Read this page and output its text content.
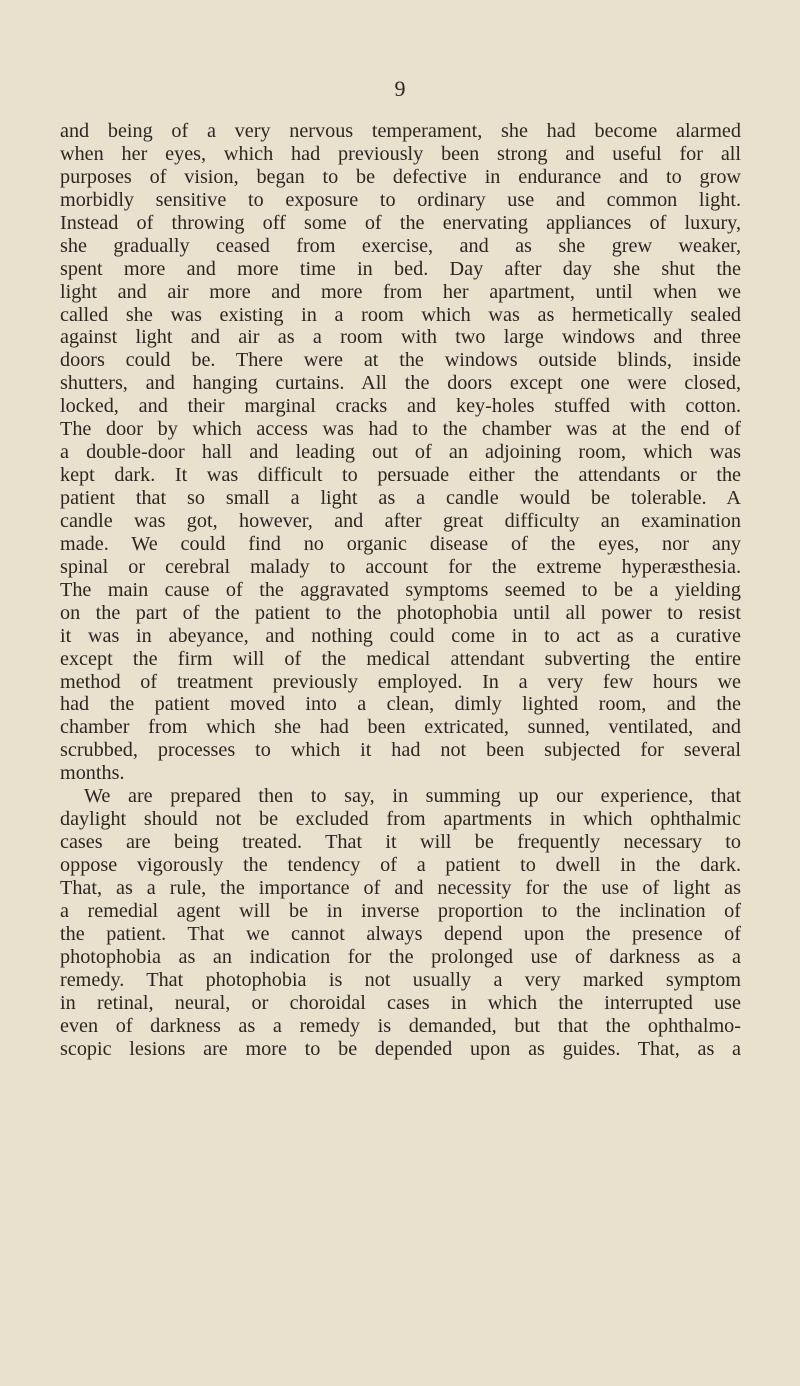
9
and being of a very nervous temperament, she had become alarmed
when her eyes, which had previously been strong and useful for all
purposes of vision, began to be defective in endurance and to grow
morbidly sensitive to exposure to ordinary use and common light.
Instead of throwing off some of the enervating appliances of luxury,
she gradually ceased from exercise, and as she grew weaker,
spent more and more time in bed. Day after day she shut the
light and air more and more from her apartment, until when we
called she was existing in a room which was as hermetically sealed
against light and air as a room with two large windows and three
doors could be. There were at the windows outside blinds, inside
shutters, and hanging curtains. All the doors except one were closed,
locked, and their marginal cracks and key-holes stuffed with cotton.
The door by which access was had to the chamber was at the end of
a double-door hall and leading out of an adjoining room, which was
kept dark. It was difficult to persuade either the attendants or the
patient that so small a light as a candle would be tolerable. A
candle was got, however, and after great difficulty an examination
made. We could find no organic disease of the eyes, nor any
spinal or cerebral malady to account for the extreme hyperæsthesia.
The main cause of the aggravated symptoms seemed to be a yielding
on the part of the patient to the photophobia until all power to resist
it was in abeyance, and nothing could come in to act as a curative
except the firm will of the medical attendant subverting the entire
method of treatment previously employed. In a very few hours we
had the patient moved into a clean, dimly lighted room, and the
chamber from which she had been extricated, sunned, ventilated, and
scrubbed, processes to which it had not been subjected for several
months.
We are prepared then to say, in summing up our experience, that
daylight should not be excluded from apartments in which ophthalmic
cases are being treated. That it will be frequently necessary to
oppose vigorously the tendency of a patient to dwell in the dark.
That, as a rule, the importance of and necessity for the use of light as
a remedial agent will be in inverse proportion to the inclination of
the patient. That we cannot always depend upon the presence of
photophobia as an indication for the prolonged use of darkness as a
remedy. That photophobia is not usually a very marked symptom
in retinal, neural, or choroidal cases in which the interrupted use
even of darkness as a remedy is demanded, but that the ophthalmo-
scopic lesions are more to be depended upon as guides. That, as a
